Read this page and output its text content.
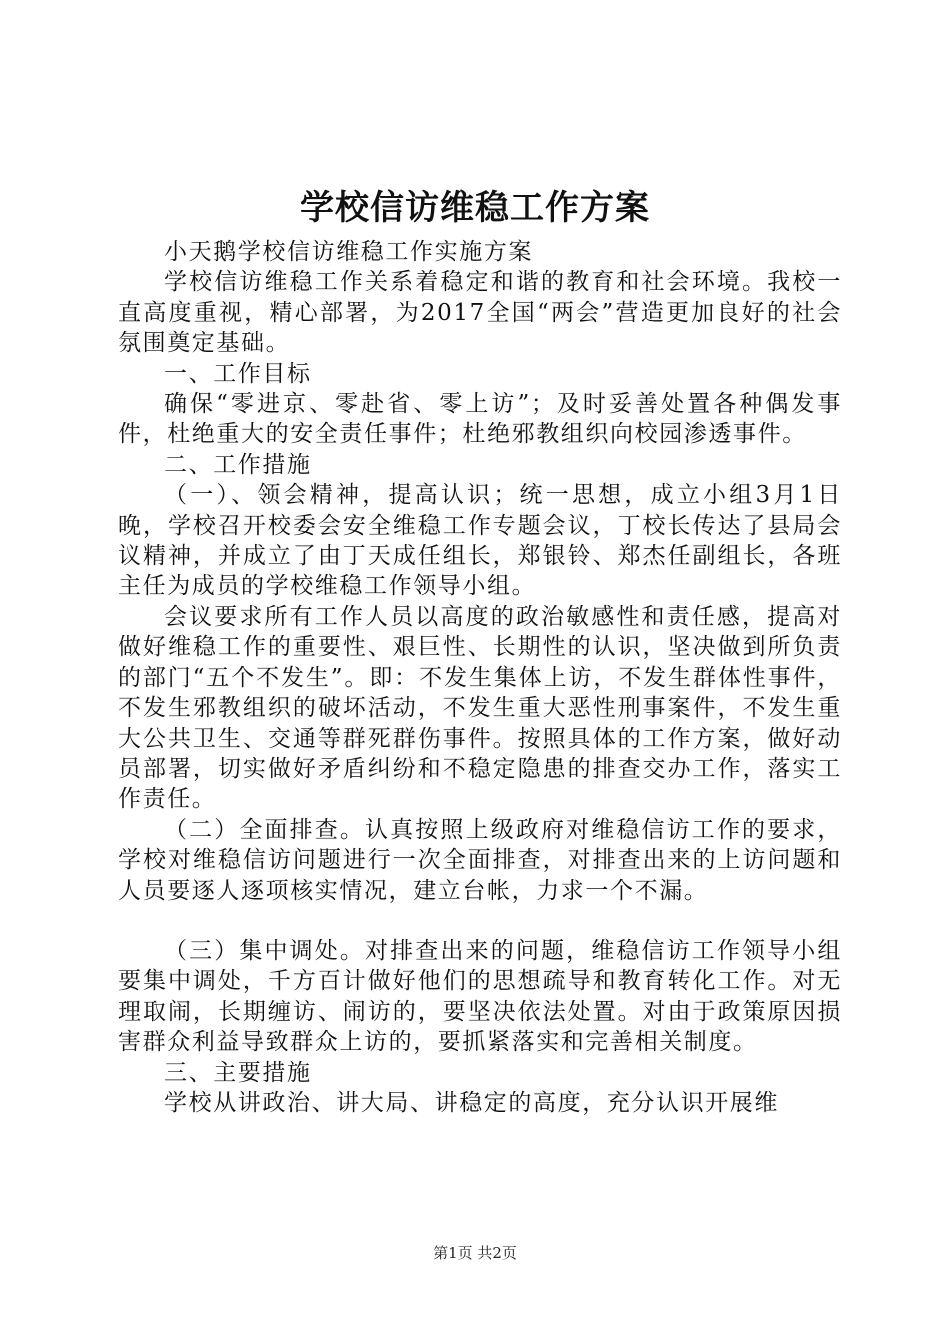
学校信访维稳工作方案

小天鹅学校信访维稳工作实施方案

学校信访维稳工作关系着稳定和谐的教育和社会环境。我校一直高度重视，精心部署，为2017全国“两会”营造更加良好的社会氛围奠定基础。

一、工作目标

确保“零进京、零赴省、零上访”；及时妥善处置各种偶发事件，杜绝重大的安全责任事件；杜绝邪教组织向校园渗透事件。

二、工作措施

（一）、领会精神，提高认识；统一思想，成立小组3月1日晚，学校召开校委会安全维稳工作专题会议，丁校长传达了县局会议精神，并成立了由丁天成任组长，郑银铃、郑杰任副组长，各班主任为成员的学校维稳工作领导小组。

会议要求所有工作人员以高度的政治敏感性和责任感，提高对做好维稳工作的重要性、艰巨性、长期性的认识，坚决做到所负责的部门“五个不发生”。即：不发生集体上访，不发生群体性事件，不发生邪教组织的破坏活动，不发生重大恶性刑事案件，不发生重大公共卫生、交通等群死群伤事件。按照具体的工作方案，做好动员部署，切实做好矛盾纠纷和不稳定隐患的排查交办工作，落实工作责任。

（二）全面排查。认真按照上级政府对维稳信访工作的要求，学校对维稳信访问题进行一次全面排查，对排查出来的上访问题和人员要逐人逐项核实情况，建立台帐，力求一个不漏。

（三）集中调处。对排查出来的问题，维稳信访工作领导小组要集中调处，千方百计做好他们的思想疏导和教育转化工作。对无理取闹，长期缠访、闹访的，要坚决依法处置。对由于政策原因损害群众利益导致群众上访的，要抓紧落实和完善相关制度。

三、主要措施

学校从讲政治、讲大局、讲稳定的高度，充分认识开展维

第1页 共2页
